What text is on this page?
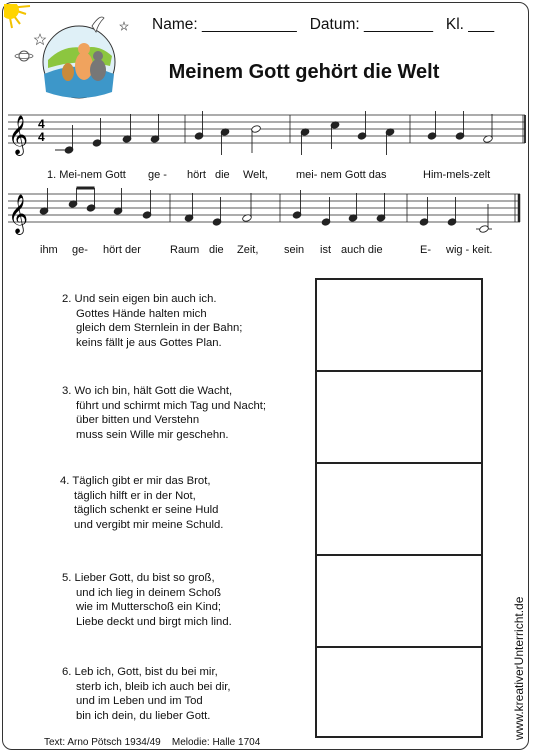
Name: ___________ Datum: ________ Kl. ___
Meinem Gott gehört die Welt
𝄞 4
4
1. Mei-nem Gott ge - hört die Welt,	mei- nem Gott das	Him-mels-zelt
𝄞
ihm ge- hört der	Raum die Zeit, sein ist auch die	E- wig - keit.
2. Und sein eigen bin auch ich.
Gottes Hände halten mich
gleich dem Sternlein in der Bahn;
keins fällt je aus Gottes Plan.
3. Wo ich bin, hält Gott die Wacht,
führt und schirmt mich Tag und Nacht;
über bitten und Verstehn
muss sein Wille mir geschehn.
4. Täglich gibt er mir das Brot,
täglich hilft er in der Not,
täglich schenkt er seine Huld
und vergibt mir meine Schuld.
5. Lieber Gott, du bist so groß,
und ich lieg in deinem Schoß
wie im Mutterschoß ein Kind;
Liebe deckt und birgt mich lind.
6. Leb ich, Gott, bist du bei mir,
sterb ich, bleib ich auch bei dir,
und im Leben und im Tod
bin ich dein, du lieber Gott.
Text: Arno Pötsch 1934/49 Melodie: Halle 1704
www.kreativerUnterricht.de
